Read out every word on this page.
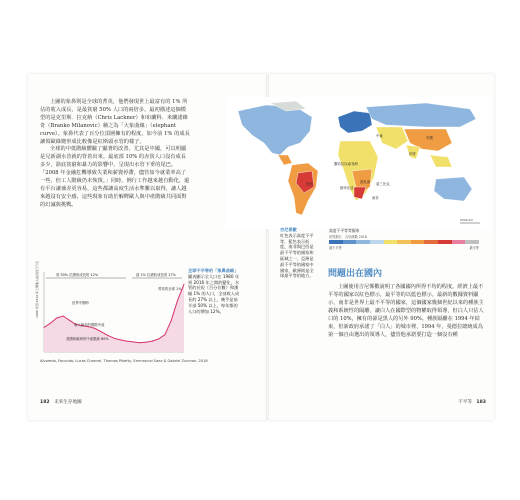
上圖的象鼻則是全球的菁英，他們發現世上最富有的 1% 所佔的收入成長，是最貧窮 50% 人口的兩倍多。最初描述這個模型的是克里斯．拉克納（Chris Lackner）和布蘭科．米蘭諾維奇（Branko Milanovic）稱之為「大象曲線」（elephant curve）。象鼻代表了百分位頂層擁有的程度，如今前 1% 的成長讓領歐綠變形成比較像是紅斯頭水管的樣子。

全球的中低階級體驗了顯著的改善，尤其是中國，可以明顯是兄新湖水昔就的背着出來。最底部 10% 的赤貧人口沒有成長多少，箭底貧窮和暴力的影響中，呈現出水管下垂的尾巴。「2008 年金融危機導致失業和薪資停滯，儘管如今就業率高了一些，但工人階級仍未恢復。」同時，例行工作越來越自動化，還有平台讓兼差更容易，這些都讓高度生活水準難以取得，讓人越來越沒有安全感，這些現象有助於解釋歐人與中產階級共同面對的幻滅與挑戰。

底 50% 位總收成長的 12%	頂 1% 位總收成長的 27%
世界中國時
收入最多的國際中產
美國和歐洲的中產階級 80%
菁英的全球 1%
1980 年到 2016 年之間收入成長的百分比	全球不平等的「象鼻曲線」
圖表顯示全人口在 1980 年到 2016 年之間的變化，水管的長短（百分位數）和漲幅 1% 的人口，全部收入成長的 27% 以上，幾乎是前半部 50% 以上，每年都的人口的增加 12%。
Alvaredo, Facundo, Lucas Chancel, Thomas Piketty, Emmanuel Saez & Gabriel Zucman. 2018
182 未來生存地圖
中東
印度
中國
南非
巴西
撒哈拉以南非洲
莫三比克
納米比亞
波札那
2000 km
吉尼係數
紅色表示高度不平等，藍色表示低度，南非與巴西是最不平等的國家和區域之一，亞洲是最不平等的國家中國家，歐洲則是全球最平等的地方。
高度不平等等國家
世界銀行．吉尼係數 2018
最不平等	最平等
問題出在國內

上圖使用吉尼係數說明了各國國內所得不均的程度。經濟上最不平等的國家以紅色標示，最平等的以藍色標示。最新的數據資料顯示，南非是世界上最不平等的國家，這個國家幾個世紀以來的種族主義和系統性的隔離，讓白人在國際型的物權取得領導，但白人只佔人口的 10%，擁有的卻是黑人的另外 90%。種族隔離在 1994 年結束，但新政府承諾了「白人」的城市裡，1994 年，曼德拉總統成為第一個自由選出的領導人，儘管他承諾要打造一個沒有種

不平等 183
